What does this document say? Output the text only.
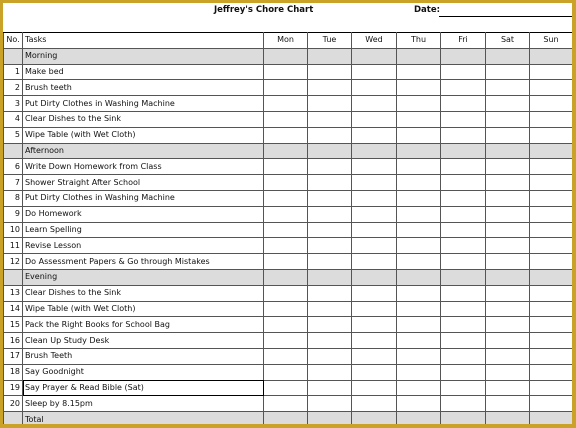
Jeffrey's Chore Chart	Date:
No.	Tasks	Mon	Tue	Wed	Thu	Fri	Sat	Sun
	Morning							
1	Make bed							
2	Brush teeth							
3	Put Dirty Clothes in Washing Machine							
4	Clear Dishes to the Sink							
5	Wipe Table (with Wet Cloth)							
	Afternoon							
6	Write Down Homework from Class							
7	Shower Straight After School							
8	Put Dirty Clothes in Washing Machine							
9	Do Homework							
10	Learn Spelling							
11	Revise Lesson							
12	Do Assessment Papers & Go through Mistakes							
	Evening							
13	Clear Dishes to the Sink							
14	Wipe Table (with Wet Cloth)							
15	Pack the Right Books for School Bag							
16	Clean Up Study Desk							
17	Brush Teeth							
18	Say Goodnight							
19	Say Prayer & Read Bible (Sat)							
20	Sleep by 8.15pm							
	Total							
